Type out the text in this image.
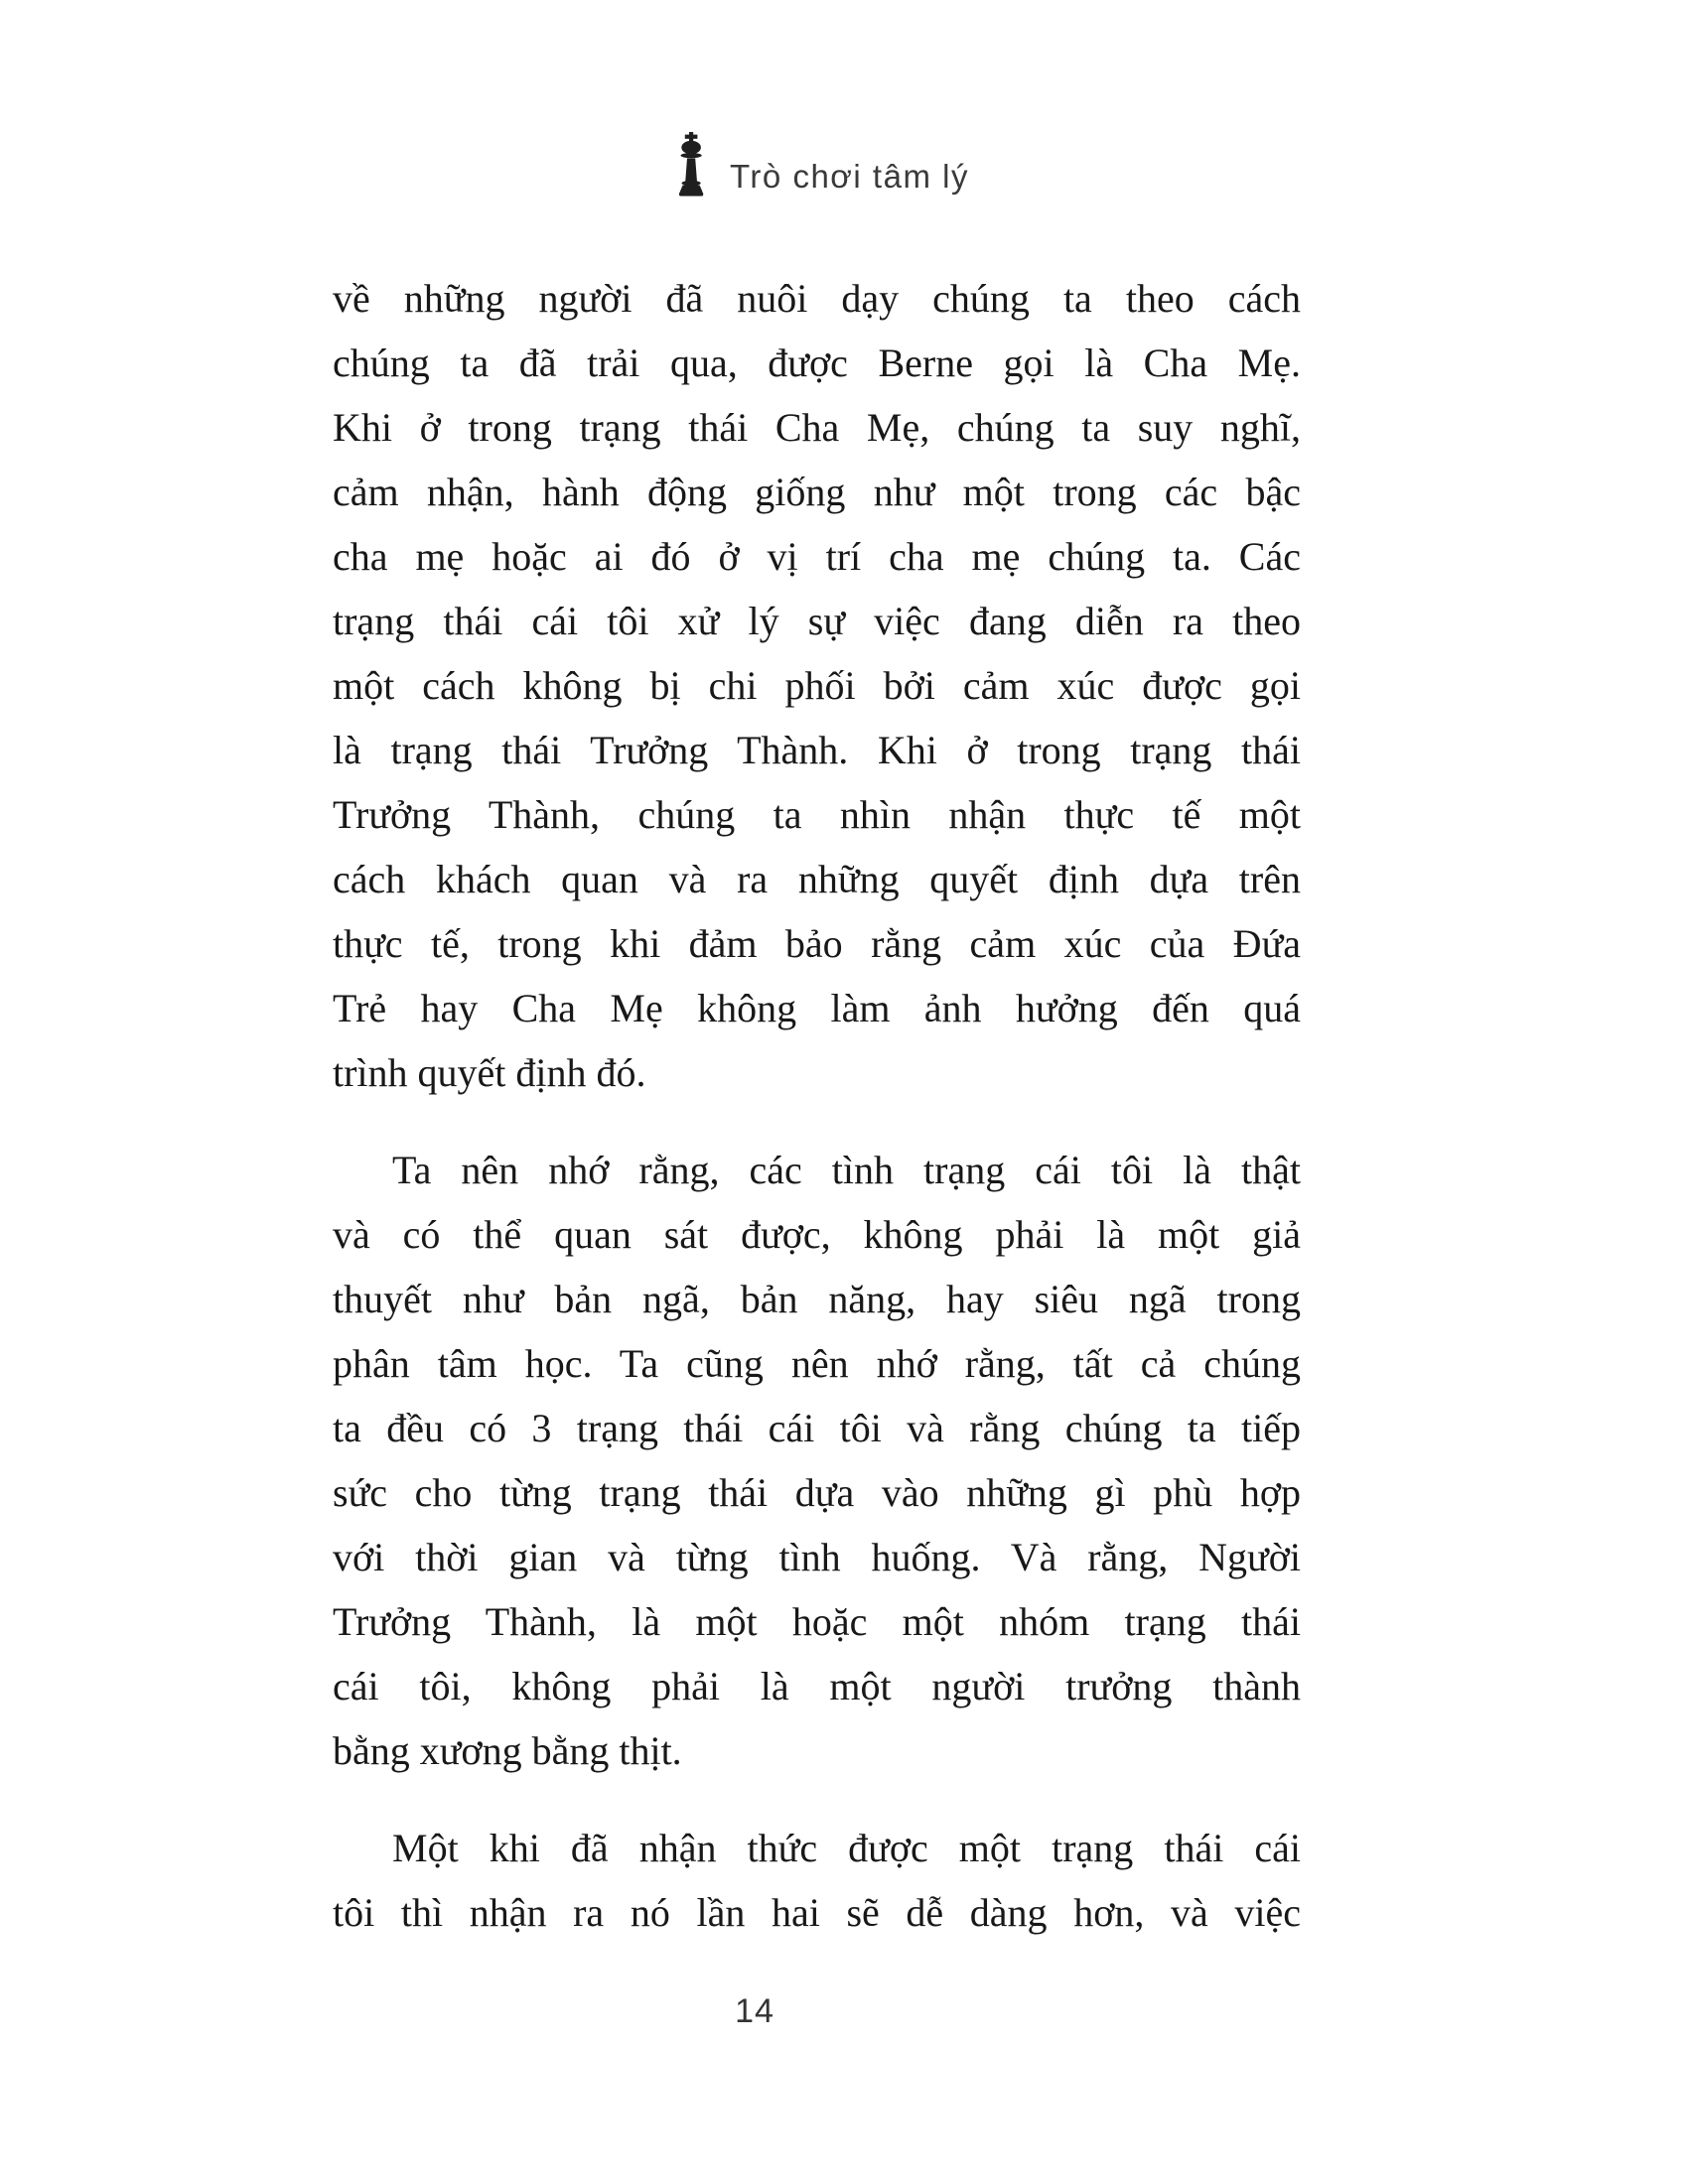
Trò chơi tâm lý
về những người đã nuôi dạy chúng ta theo cách
chúng ta đã trải qua, được Berne gọi là Cha Mẹ.
Khi ở trong trạng thái Cha Mẹ, chúng ta suy nghĩ,
cảm nhận, hành động giống như một trong các bậc
cha mẹ hoặc ai đó ở vị trí cha mẹ chúng ta. Các
trạng thái cái tôi xử lý sự việc đang diễn ra theo
một cách không bị chi phối bởi cảm xúc được gọi
là trạng thái Trưởng Thành. Khi ở trong trạng thái
Trưởng Thành, chúng ta nhìn nhận thực tế một
cách khách quan và ra những quyết định dựa trên
thực tế, trong khi đảm bảo rằng cảm xúc của Đứa
Trẻ hay Cha Mẹ không làm ảnh hưởng đến quá
trình quyết định đó.
Ta nên nhớ rằng, các tình trạng cái tôi là thật
và có thể quan sát được, không phải là một giả
thuyết như bản ngã, bản năng, hay siêu ngã trong
phân tâm học. Ta cũng nên nhớ rằng, tất cả chúng
ta đều có 3 trạng thái cái tôi và rằng chúng ta tiếp
sức cho từng trạng thái dựa vào những gì phù hợp
với thời gian và từng tình huống. Và rằng, Người
Trưởng Thành, là một hoặc một nhóm trạng thái
cái tôi, không phải là một người trưởng thành
bằng xương bằng thịt.
Một khi đã nhận thức được một trạng thái cái
tôi thì nhận ra nó lần hai sẽ dễ dàng hơn, và việc
14
